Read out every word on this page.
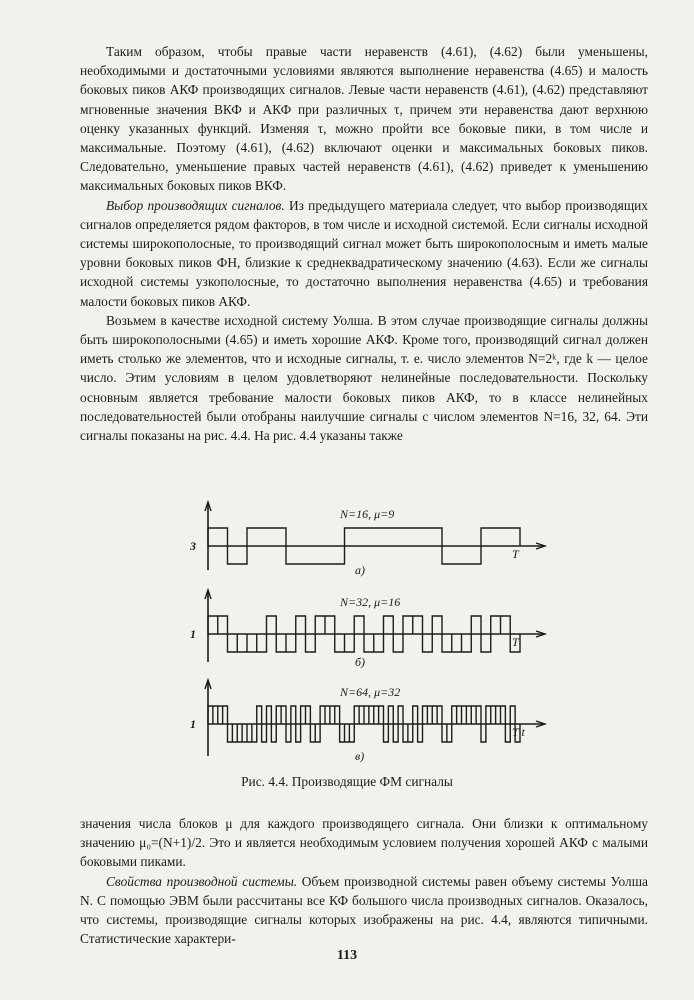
Таким образом, чтобы правые части неравенств (4.61), (4.62) были уменьшены, необходимыми и достаточными условиями являются выполнение неравенства (4.65) и малость боковых пиков АКФ производящих сигналов. Левые части неравенств (4.61), (4.62) представляют мгновенные значения ВКФ и АКФ при различных τ, причем эти неравенства дают верхнюю оценку указанных функций. Изменяя τ, можно пройти все боковые пики, в том числе и максимальные. Поэтому (4.61), (4.62) включают оценки и максимальных боковых пиков. Следовательно, уменьшение правых частей неравенств (4.61), (4.62) приведет к уменьшению максимальных боковых пиков ВКФ.

Выбор производящих сигналов. Из предыдущего материала следует, что выбор производящих сигналов определяется рядом факторов, в том числе и исходной системой. Если сигналы исходной системы широкополосные, то производящий сигнал может быть широкополосным и иметь малые уровни боковых пиков ФН, близкие к среднеквадратическому значению (4.63). Если же сигналы исходной системы узкополосные, то достаточно выполнения неравенства (4.65) и требования малости боковых пиков АКФ.

Возьмем в качестве исходной систему Уолша. В этом случае производящие сигналы должны быть широкополосными (4.65) и иметь хорошие АКФ. Кроме того, производящий сигнал должен иметь столько же элементов, что и исходные сигналы, т. е. число элементов N=2ᵏ, где k — целое число. Этим условиям в целом удовлетворяют нелинейные последовательности. Поскольку основным является требование малости боковых пиков АКФ, то в классе нелинейных последовательностей были отобраны наилучшие сигналы с числом элементов N=16, 32, 64. Эти сигналы показаны на рис. 4.4. На рис. 4.4 указаны также

N=16, μ=9
а)
T
3
N=32, μ=16
б)
T
1
N=64, μ=32
в)
T t
1
Рис. 4.4. Производящие ФМ сигналы

значения числа блоков μ для каждого производящего сигнала. Они близки к оптимальному значению μ₀=(N+1)/2. Это и является необходимым условием получения хорошей АКФ с малыми боковыми пиками.

Свойства производной системы. Объем производной системы равен объему системы Уолша N. С помощью ЭВМ были рассчитаны все КФ большого числа производных сигналов. Оказалось, что системы, производящие сигналы которых изображены на рис. 4.4, являются типичными. Статистические характери-

113
